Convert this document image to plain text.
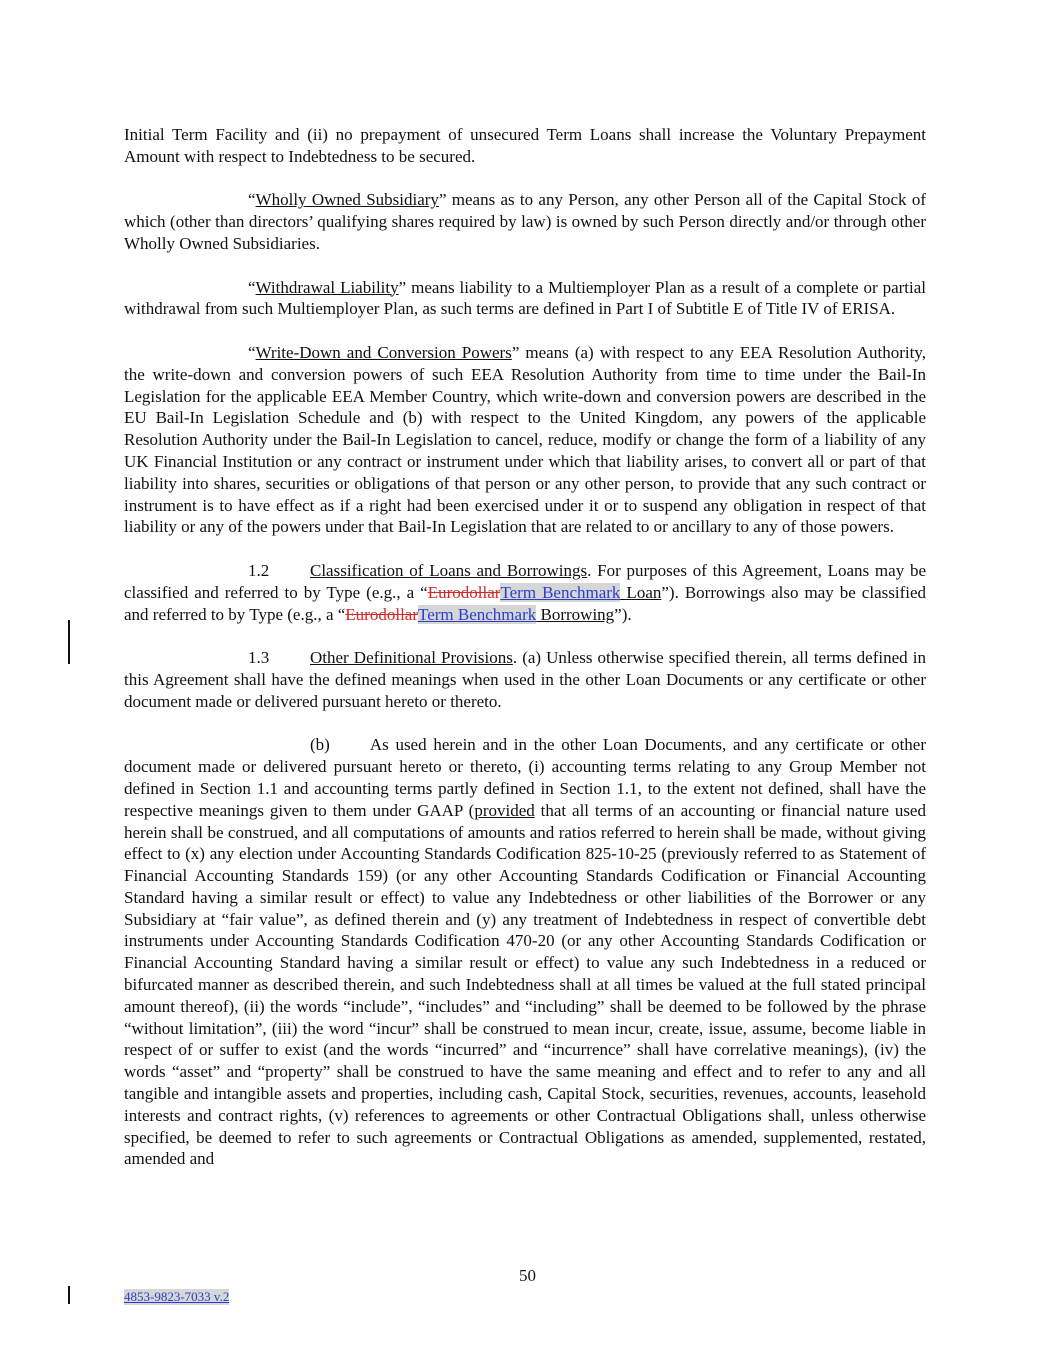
Initial Term Facility and (ii) no prepayment of unsecured Term Loans shall increase the Voluntary Prepayment Amount with respect to Indebtedness to be secured.

“Wholly Owned Subsidiary” means as to any Person, any other Person all of the Capital Stock of which (other than directors’ qualifying shares required by law) is owned by such Person directly and/or through other Wholly Owned Subsidiaries.

“Withdrawal Liability” means liability to a Multiemployer Plan as a result of a complete or partial withdrawal from such Multiemployer Plan, as such terms are defined in Part I of Subtitle E of Title IV of ERISA.

“Write-Down and Conversion Powers” means (a) with respect to any EEA Resolution Authority, the write-down and conversion powers of such EEA Resolution Authority from time to time under the Bail-In Legislation for the applicable EEA Member Country, which write-down and conversion powers are described in the EU Bail-In Legislation Schedule and (b) with respect to the United Kingdom, any powers of the applicable Resolution Authority under the Bail-In Legislation to cancel, reduce, modify or change the form of a liability of any UK Financial Institution or any contract or instrument under which that liability arises, to convert all or part of that liability into shares, securities or obligations of that person or any other person, to provide that any such contract or instrument is to have effect as if a right had been exercised under it or to suspend any obligation in respect of that liability or any of the powers under that Bail-In Legislation that are related to or ancillary to any of those powers.

1.2 Classification of Loans and Borrowings. For purposes of this Agreement, Loans may be classified and referred to by Type (e.g., a “EurodollarTerm Benchmark Loan”). Borrowings also may be classified and referred to by Type (e.g., a “EurodollarTerm Benchmark Borrowing”).

1.3 Other Definitional Provisions. (a) Unless otherwise specified therein, all terms defined in this Agreement shall have the defined meanings when used in the other Loan Documents or any certificate or other document made or delivered pursuant hereto or thereto.

(b) As used herein and in the other Loan Documents, and any certificate or other document made or delivered pursuant hereto or thereto, (i) accounting terms relating to any Group Member not defined in Section 1.1 and accounting terms partly defined in Section 1.1, to the extent not defined, shall have the respective meanings given to them under GAAP (provided that all terms of an accounting or financial nature used herein shall be construed, and all computations of amounts and ratios referred to herein shall be made, without giving effect to (x) any election under Accounting Standards Codification 825-10-25 (previously referred to as Statement of Financial Accounting Standards 159) (or any other Accounting Standards Codification or Financial Accounting Standard having a similar result or effect) to value any Indebtedness or other liabilities of the Borrower or any Subsidiary at “fair value”, as defined therein and (y) any treatment of Indebtedness in respect of convertible debt instruments under Accounting Standards Codification 470-20 (or any other Accounting Standards Codification or Financial Accounting Standard having a similar result or effect) to value any such Indebtedness in a reduced or bifurcated manner as described therein, and such Indebtedness shall at all times be valued at the full stated principal amount thereof), (ii) the words “include”, “includes” and “including” shall be deemed to be followed by the phrase “without limitation”, (iii) the word “incur” shall be construed to mean incur, create, issue, assume, become liable in respect of or suffer to exist (and the words “incurred” and “incurrence” shall have correlative meanings), (iv) the words “asset” and “property” shall be construed to have the same meaning and effect and to refer to any and all tangible and intangible assets and properties, including cash, Capital Stock, securities, revenues, accounts, leasehold interests and contract rights, (v) references to agreements or other Contractual Obligations shall, unless otherwise specified, be deemed to refer to such agreements or Contractual Obligations as amended, supplemented, restated, amended and

50
4853-9823-7033 v.2
